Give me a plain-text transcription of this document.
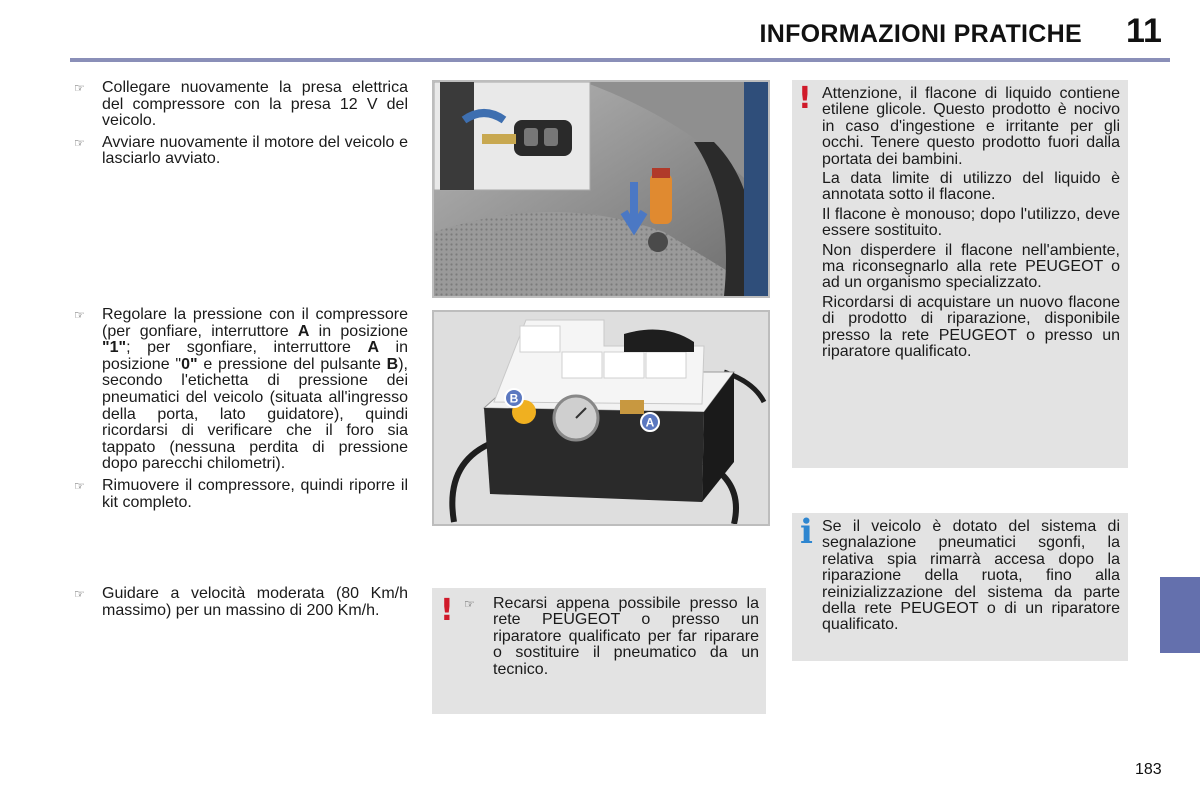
INFORMAZIONI PRATICHE 11
☞ Collegare nuovamente la presa elettrica del compressore con la presa 12 V del veicolo.
☞ Avviare nuovamente il motore del veicolo e lasciarlo avviato.
☞ Regolare la pressione con il compressore (per gonfiare, interruttore A in posizione "1"; per sgonfiare, interruttore A in posizione "0" e pressione del pulsante B), secondo l'etichetta di pressione dei pneumatici del veicolo (situata all'ingresso della porta, lato guidatore), quindi ricordarsi di verificare che il foro sia tappato (nessuna perdita di pressione dopo parecchi chilometri).
☞ Rimuovere il compressore, quindi riporre il kit completo.
☞ Guidare a velocità moderata (80 Km/h massimo) per un massino di 200 Km/h.
B
A
! ☞ Recarsi appena possibile presso la rete PEUGEOT o presso un riparatore qualificato per far riparare o sostituire il pneumatico da un tecnico.
! Attenzione, il flacone di liquido contiene etilene glicole. Questo prodotto è nocivo in caso d'ingestione e irritante per gli occhi. Tenere questo prodotto fuori dalla portata dei bambini.

La data limite di utilizzo del liquido è annotata sotto il flacone.

Il flacone è monouso; dopo l'utilizzo, deve essere sostituito.

Non disperdere il flacone nell'ambiente, ma riconsegnarlo alla rete PEUGEOT o ad un organismo specializzato.

Ricordarsi di acquistare un nuovo flacone di prodotto di riparazione, disponibile presso la rete PEUGEOT o presso un riparatore qualificato.

i Se il veicolo è dotato del sistema di segnalazione pneumatici sgonfi, la relativa spia rimarrà accesa dopo la riparazione della ruota, fino alla reinizializzazione del sistema da parte della rete PEUGEOT o di un riparatore qualificato.
183
